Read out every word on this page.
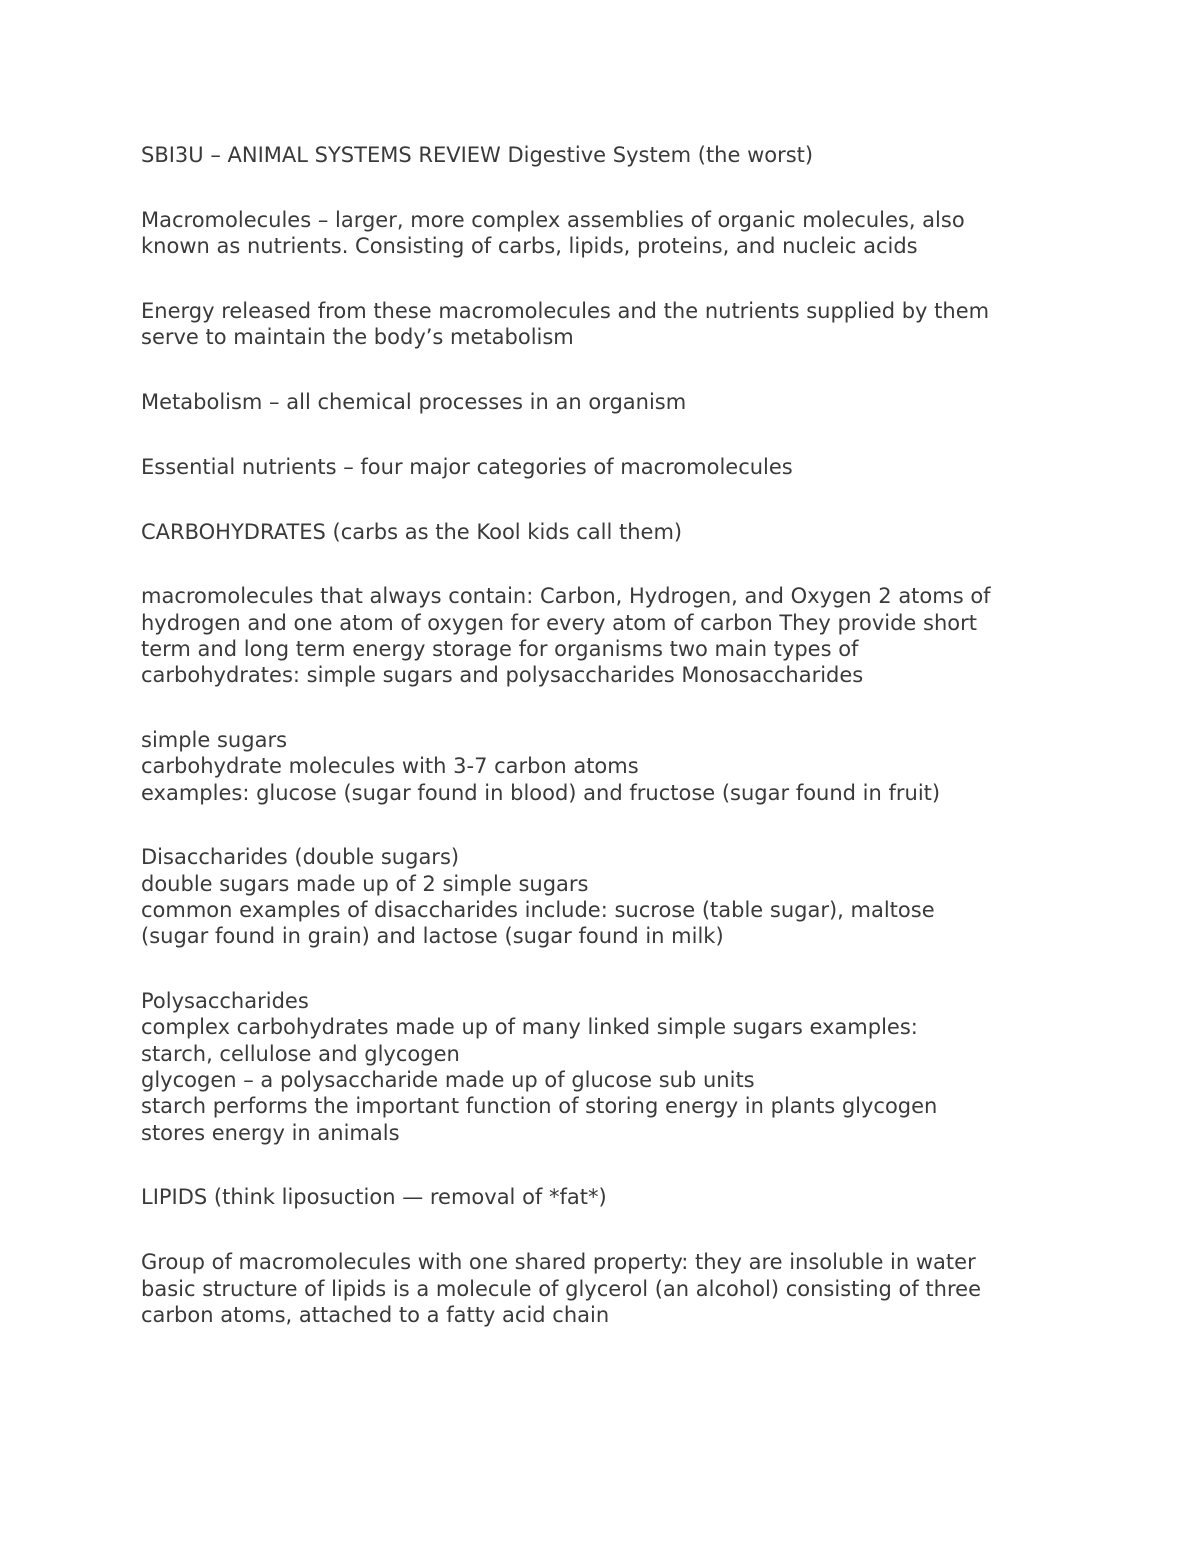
SBI3U – ANIMAL SYSTEMS REVIEW Digestive System (the worst)

Macromolecules – larger, more complex assemblies of organic molecules, also
known as nutrients. Consisting of carbs, lipids, proteins, and nucleic acids

Energy released from these macromolecules and the nutrients supplied by them
serve to maintain the body’s metabolism

Metabolism – all chemical processes in an organism

Essential nutrients – four major categories of macromolecules

CARBOHYDRATES (carbs as the Kool kids call them)

macromolecules that always contain: Carbon, Hydrogen, and Oxygen 2 atoms of
hydrogen and one atom of oxygen for every atom of carbon They provide short
term and long term energy storage for organisms two main types of
carbohydrates: simple sugars and polysaccharides Monosaccharides

simple sugars
carbohydrate molecules with 3-7 carbon atoms
examples: glucose (sugar found in blood) and fructose (sugar found in fruit)

Disaccharides (double sugars)
double sugars made up of 2 simple sugars
common examples of disaccharides include: sucrose (table sugar), maltose
(sugar found in grain) and lactose (sugar found in milk)

Polysaccharides
complex carbohydrates made up of many linked simple sugars examples:
starch, cellulose and glycogen
glycogen – a polysaccharide made up of glucose sub units
starch performs the important function of storing energy in plants glycogen
stores energy in animals

LIPIDS (think liposuction — removal of *fat*)

Group of macromolecules with one shared property: they are insoluble in water
basic structure of lipids is a molecule of glycerol (an alcohol) consisting of three
carbon atoms, attached to a fatty acid chain
